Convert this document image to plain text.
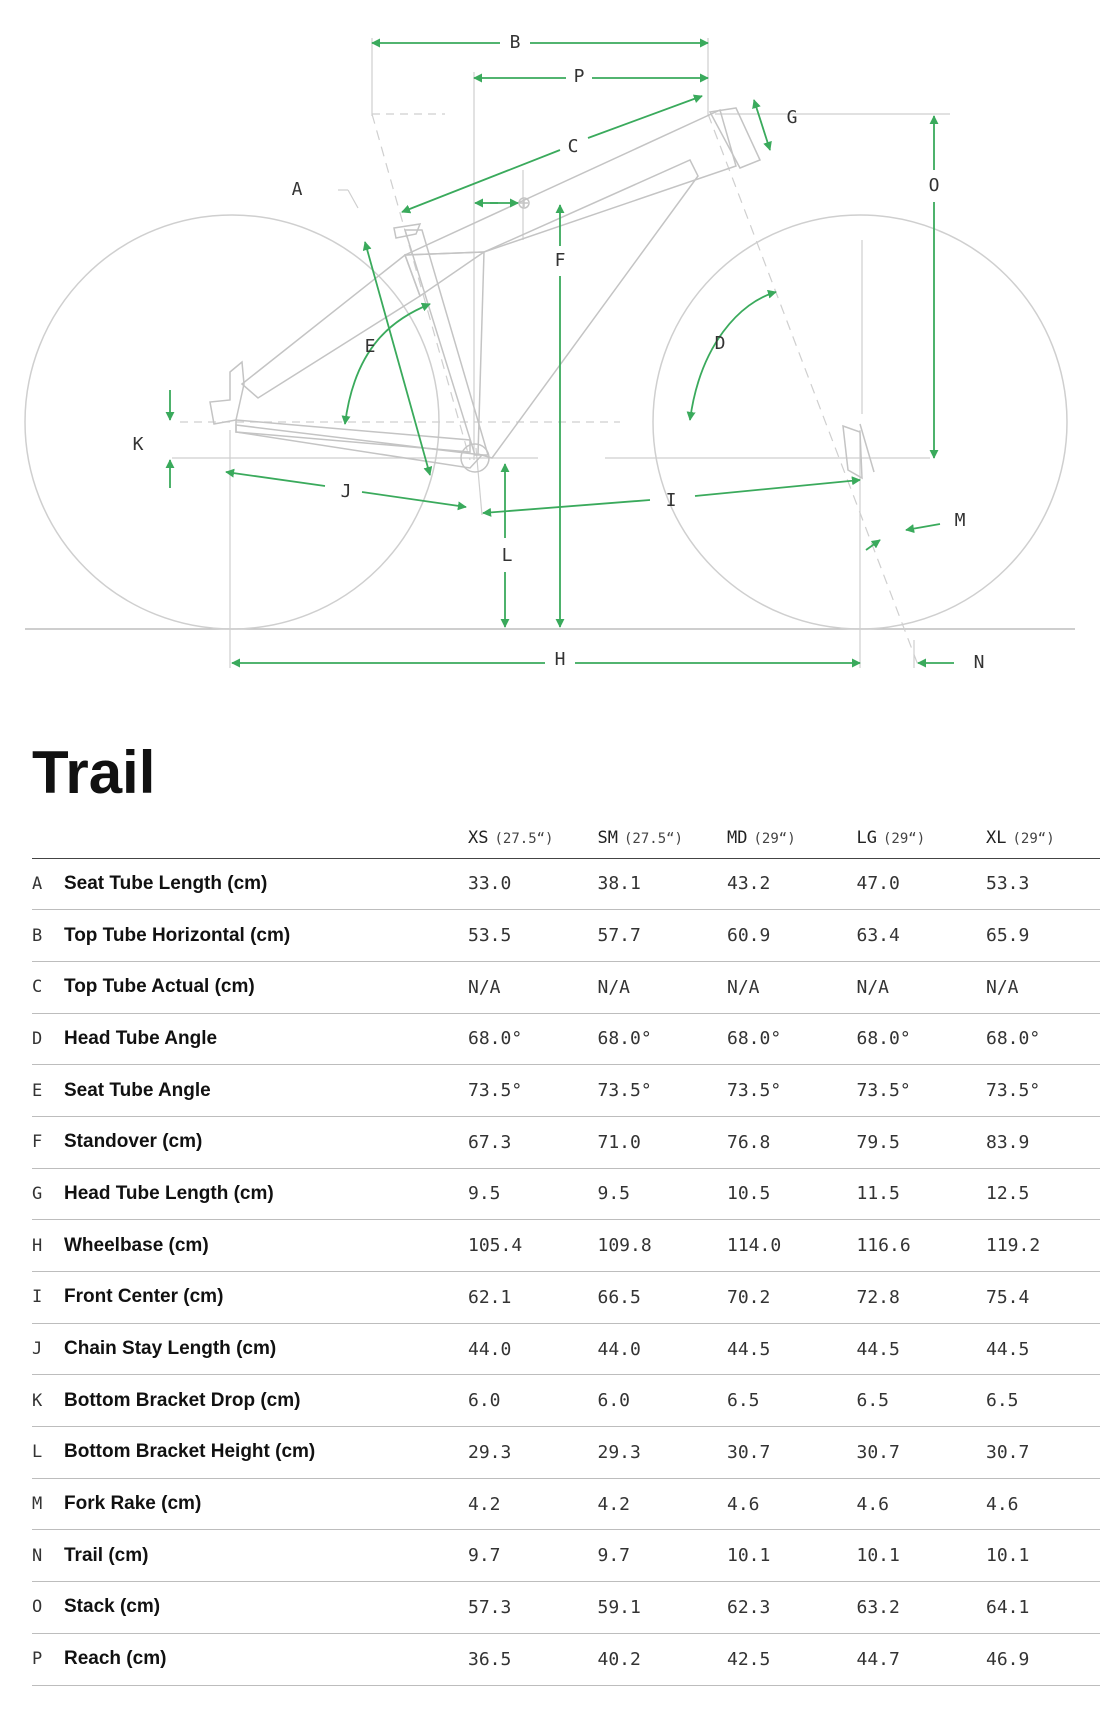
B
P
C
G
O
A
F
E	D
K
J	I
L
M
H	N
Trail
		XS (27.5“)	SM (27.5“)	MD (29“)	LG (29“)	XL (29“)
A	Seat Tube Length (cm)	33.0	38.1	43.2	47.0	53.3
B	Top Tube Horizontal (cm)	53.5	57.7	60.9	63.4	65.9
C	Top Tube Actual (cm)	N/A	N/A	N/A	N/A	N/A
D	Head Tube Angle	68.0°	68.0°	68.0°	68.0°	68.0°
E	Seat Tube Angle	73.5°	73.5°	73.5°	73.5°	73.5°
F	Standover (cm)	67.3	71.0	76.8	79.5	83.9
G	Head Tube Length (cm)	9.5	9.5	10.5	11.5	12.5
H	Wheelbase (cm)	105.4	109.8	114.0	116.6	119.2
I	Front Center (cm)	62.1	66.5	70.2	72.8	75.4
J	Chain Stay Length (cm)	44.0	44.0	44.5	44.5	44.5
K	Bottom Bracket Drop (cm)	6.0	6.0	6.5	6.5	6.5
L	Bottom Bracket Height (cm)	29.3	29.3	30.7	30.7	30.7
M	Fork Rake (cm)	4.2	4.2	4.6	4.6	4.6
N	Trail (cm)	9.7	9.7	10.1	10.1	10.1
O	Stack (cm)	57.3	59.1	62.3	63.2	64.1
P	Reach (cm)	36.5	40.2	42.5	44.7	46.9
